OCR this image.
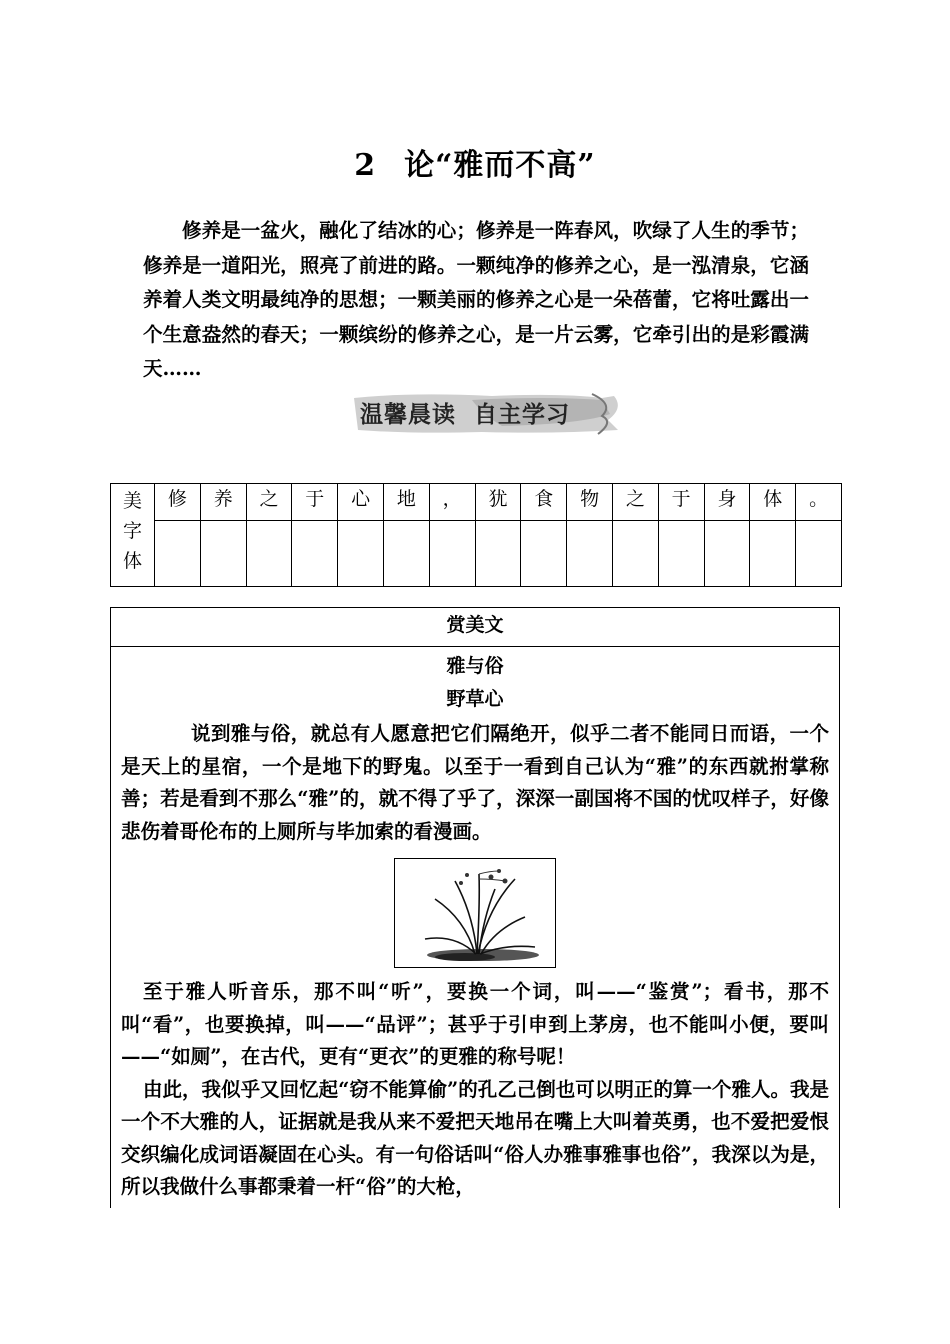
2 论“雅而不高”
修养是一盆火，融化了结冰的心；修养是一阵春风，吹绿了人生的季节；修养是一道阳光，照亮了前进的路。一颗纯净的修养之心，是一泓清泉，它涵养着人类文明最纯净的思想；一颗美丽的修养之心是一朵蓓蕾，它将吐露出一个生意盎然的春天；一颗缤纷的修养之心，是一片云雾，它牵引出的是彩霞满天……
温馨晨读 自主学习
美
字
体	修	养	之	于	心	地	，	犹	食	物	之	于	身	体	。

赏美文
雅与俗
野草心
说到雅与俗，就总有人愿意把它们隔绝开，似乎二者不能同日而语，一个是天上的星宿，一个是地下的野鬼。以至于一看到自己认为“雅”的东西就拊掌称善；若是看到不那么“雅”的，就不得了乎了，深深一副国将不国的忧叹样子，好像悲伤着哥伦布的上厕所与毕加索的看漫画。
至于雅人听音乐，那不叫“听”，要换一个词，叫——“鉴赏”；看书，那不叫“看”，也要换掉，叫——“品评”；甚乎于引申到上茅房，也不能叫小便，要叫——“如厕”，在古代，更有“更衣”的更雅的称号呢！
由此，我似乎又回忆起“窃不能算偷”的孔乙己倒也可以明正的算一个雅人。我是一个不大雅的人，证据就是我从来不爱把天地吊在嘴上大叫着英勇，也不爱把爱恨交织编化成词语凝固在心头。有一句俗话叫“俗人办雅事雅事也俗”，我深以为是，所以我做什么事都秉着一杆“俗”的大枪，
